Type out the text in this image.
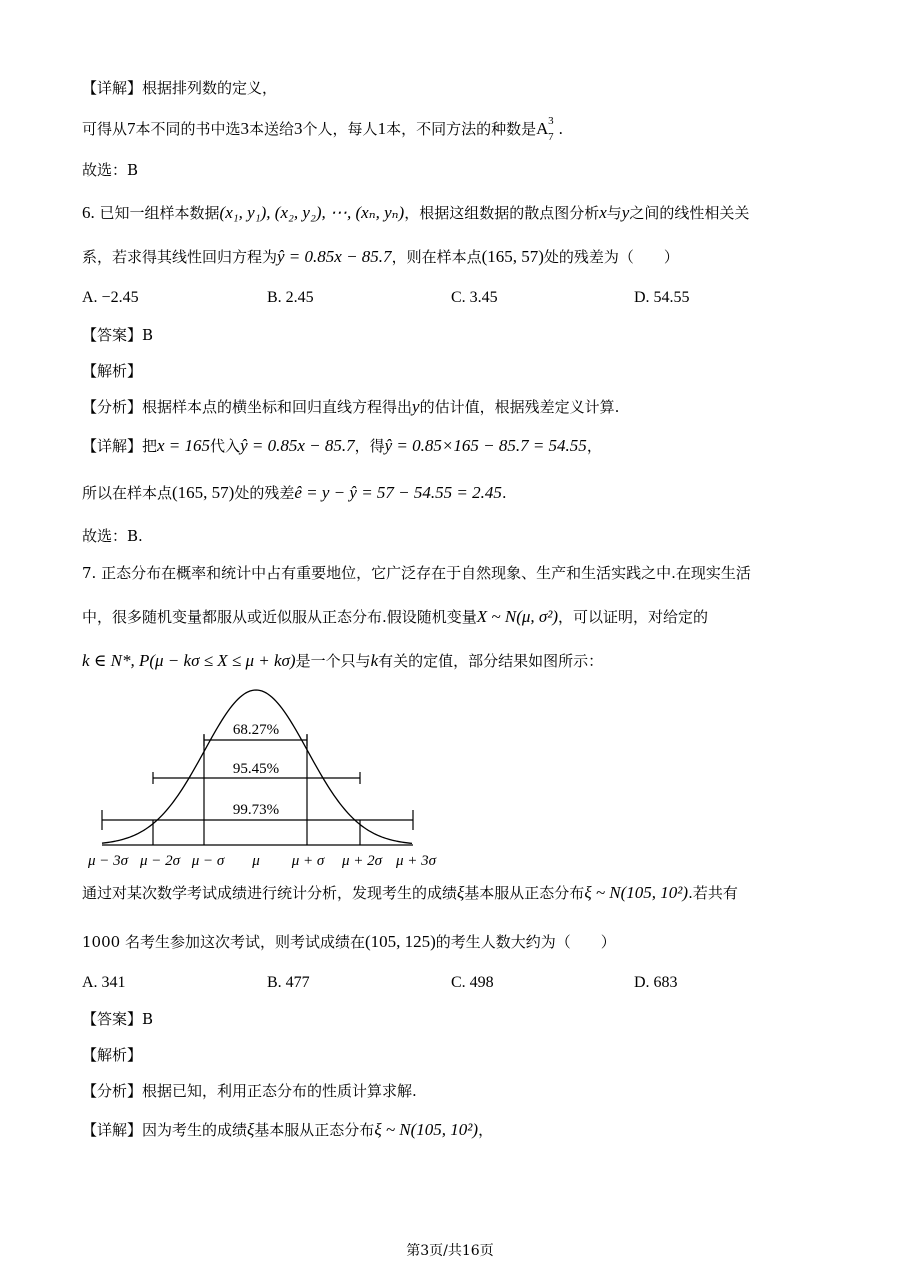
【详解】根据排列数的定义，
可得从7本不同的书中选3本送给3个人，每人1本，不同方法的种数是A 3
7 .
故选：B
6. 已知一组样本数据(x₁, y₁), (x₂, y₂), ⋯, (xₙ, yₙ)，根据这组数据的散点图分析x与y之间的线性相关关
系，若求得其线性回归方程为ŷ = 0.85x − 85.7，则在样本点(165, 57)处的残差为（　　）
A. −2.45	B. 2.45	C. 3.45	D. 54.55
【答案】B
【解析】
【分析】根据样本点的横坐标和回归直线方程得出y的估计值，根据残差定义计算.
【详解】把x = 165代入ŷ = 0.85x − 85.7，得ŷ = 0.85×165 − 85.7 = 54.55，
所以在样本点(165, 57)处的残差ê = y − ŷ = 57 − 54.55 = 2.45.
故选：B.
7. 正态分布在概率和统计中占有重要地位，它广泛存在于自然现象、生产和生活实践之中.在现实生活
中，很多随机变量都服从或近似服从正态分布.假设随机变量X ~ N(μ, σ²)，可以证明，对给定的
k ∈ N*, P(μ − kσ ≤ X ≤ μ + kσ)是一个只与k有关的定值，部分结果如图所示：
68.27%
95.45%
99.73%
μ − 3σ μ − 2σ μ − σ μ μ + σ μ + 2σ μ + 3σ
通过对某次数学考试成绩进行统计分析，发现考生的成绩ξ基本服从正态分布ξ ~ N(105, 10²).若共有
1000 名考生参加这次考试，则考试成绩在(105, 125)的考生人数大约为（　　）
A. 341	B. 477	C. 498	D. 683
【答案】B
【解析】
【分析】根据已知，利用正态分布的性质计算求解.
【详解】因为考生的成绩ξ基本服从正态分布ξ ~ N(105, 10²)，
第3页/共16页
